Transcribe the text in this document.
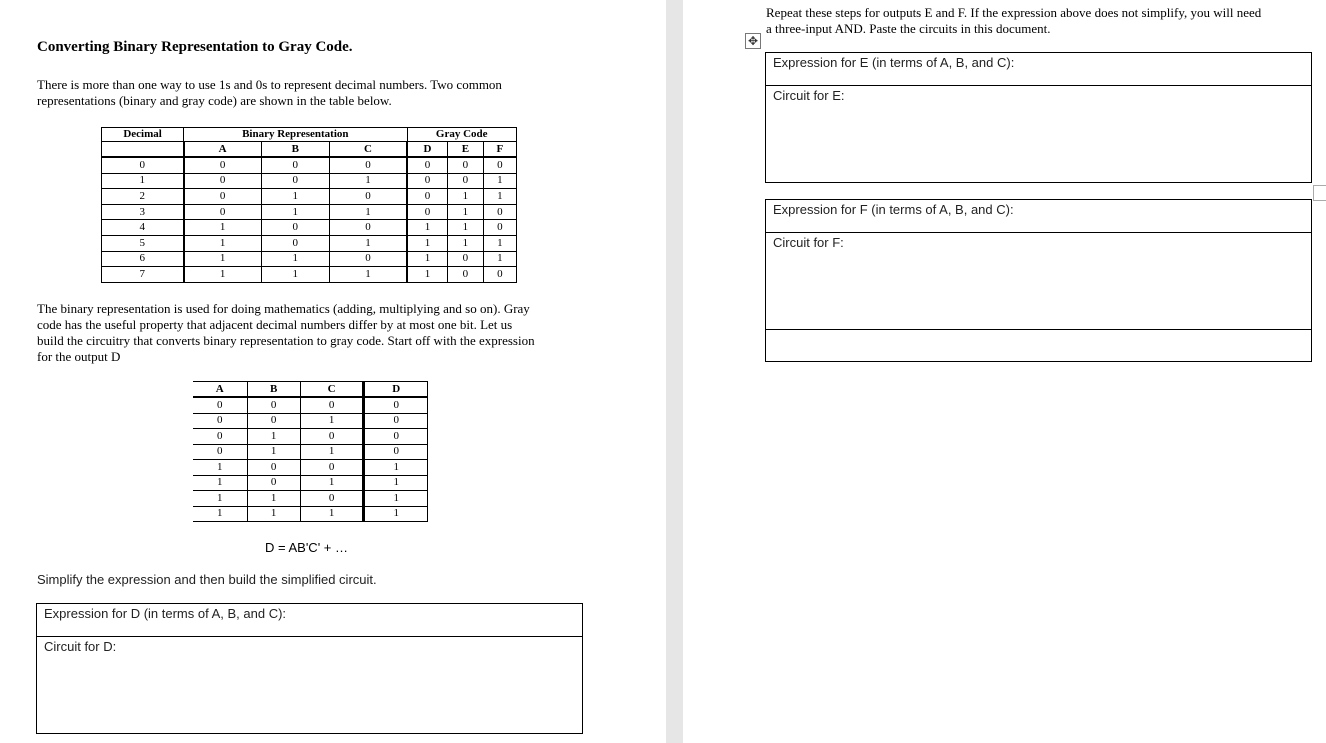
Converting Binary Representation to Gray Code.
There is more than one way to use 1s and 0s to represent decimal numbers. Two common
representations (binary and gray code) are shown in the table below.
Decimal	Binary Representation			Gray Code		
	A	B	C	D	E	F
0	0	0	0	0	0	0
1	0	0	1	0	0	1
2	0	1	0	0	1	1
3	0	1	1	0	1	0
4	1	0	0	1	1	0
5	1	0	1	1	1	1
6	1	1	0	1	0	1
7	1	1	1	1	0	0
The binary representation is used for doing mathematics (adding, multiplying and so on). Gray
code has the useful property that adjacent decimal numbers differ by at most one bit. Let us
build the circuitry that converts binary representation to gray code. Start off with the expression
for the output D
A	B	C	D
0	0	0	0
0	0	1	0
0	1	0	0
0	1	1	0
1	0	0	1
1	0	1	1
1	1	0	1
1	1	1	1
D = AB'C' + …
Simplify the expression and then build the simplified circuit.
Expression for D (in terms of A, B, and C):
Circuit for D:
Repeat these steps for outputs E and F. If the expression above does not simplify, you will need
a three-input AND. Paste the circuits in this document.
✥
Expression for E (in terms of A, B, and C):
Circuit for E:
Expression for F (in terms of A, B, and C):
Circuit for F:
